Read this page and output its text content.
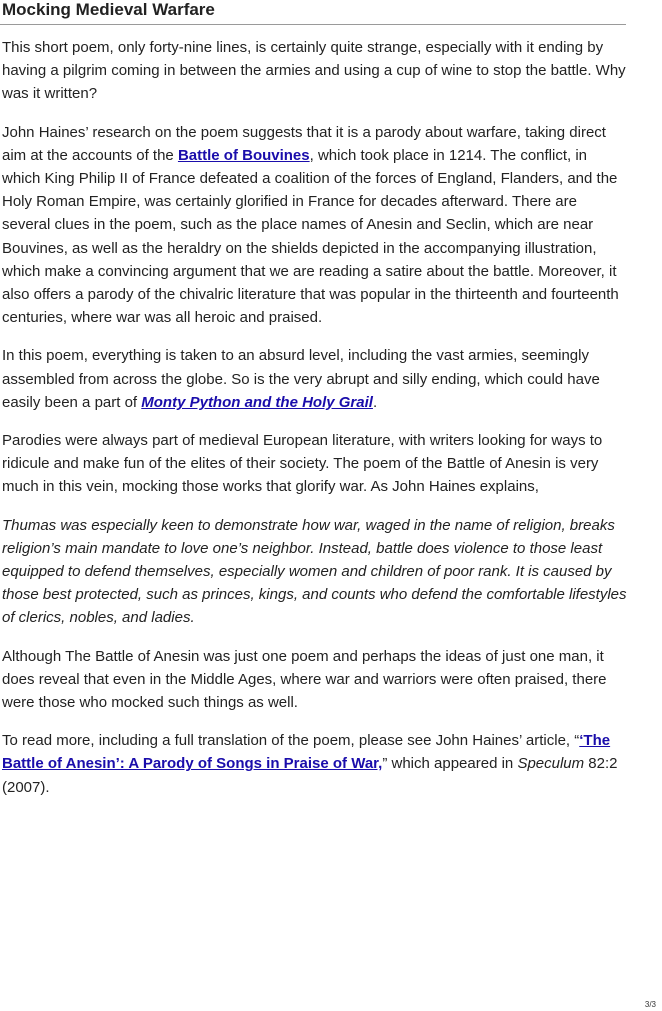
Mocking Medieval Warfare

This short poem, only forty-nine lines, is certainly quite strange, especially with it ending by having a pilgrim coming in between the armies and using a cup of wine to stop the battle. Why was it written?

John Haines’ research on the poem suggests that it is a parody about warfare, taking direct aim at the accounts of the Battle of Bouvines, which took place in 1214. The conflict, in which King Philip II of France defeated a coalition of the forces of England, Flanders, and the Holy Roman Empire, was certainly glorified in France for decades afterward. There are several clues in the poem, such as the place names of Anesin and Seclin, which are near Bouvines, as well as the heraldry on the shields depicted in the accompanying illustration, which make a convincing argument that we are reading a satire about the battle. Moreover, it also offers a parody of the chivalric literature that was popular in the thirteenth and fourteenth centuries, where war was all heroic and praised.

In this poem, everything is taken to an absurd level, including the vast armies, seemingly assembled from across the globe. So is the very abrupt and silly ending, which could have easily been a part of Monty Python and the Holy Grail.

Parodies were always part of medieval European literature, with writers looking for ways to ridicule and make fun of the elites of their society. The poem of the Battle of Anesin is very much in this vein, mocking those works that glorify war. As John Haines explains,

Thumas was especially keen to demonstrate how war, waged in the name of religion, breaks religion’s main mandate to love one’s neighbor. Instead, battle does violence to those least equipped to defend themselves, especially women and children of poor rank. It is caused by those best protected, such as princes, kings, and counts who defend the comfortable lifestyles of clerics, nobles, and ladies.

Although The Battle of Anesin was just one poem and perhaps the ideas of just one man, it does reveal that even in the Middle Ages, where war and warriors were often praised, there were those who mocked such things as well.

To read more, including a full translation of the poem, please see John Haines’ article, “‘The Battle of Anesin’: A Parody of Songs in Praise of War,” which appeared in Speculum 82:2 (2007).

3/3
